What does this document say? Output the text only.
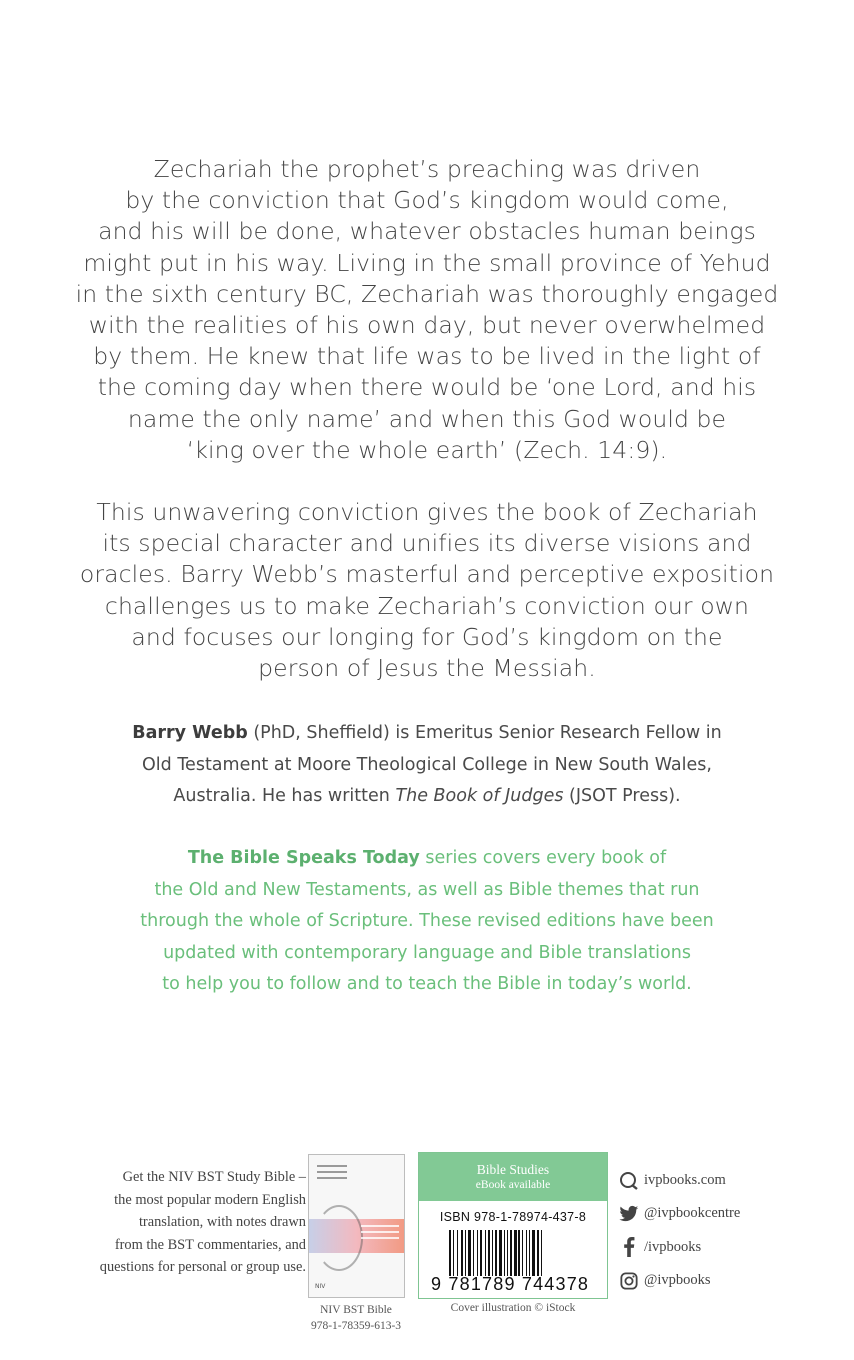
Zechariah the prophet’s preaching was driven

by the conviction that God’s kingdom would come,

and his will be done, whatever obstacles human beings

might put in his way. Living in the small province of Yehud

in the sixth century BC, Zechariah was thoroughly engaged

with the realities of his own day, but never overwhelmed

by them. He knew that life was to be lived in the light of

the coming day when there would be ‘one Lord, and his

name the only name’ and when this God would be

‘king over the whole earth’ (Zech. 14:9).

This unwavering conviction gives the book of Zechariah

its special character and unifies its diverse visions and

oracles. Barry Webb’s masterful and perceptive exposition

challenges us to make Zechariah’s conviction our own

and focuses our longing for God’s kingdom on the

person of Jesus the Messiah.

Barry Webb (PhD, Sheffield) is Emeritus Senior Research Fellow in
Old Testament at Moore Theological College in New South Wales,
Australia. He has written The Book of Judges (JSOT Press).
The Bible Speaks Today series covers every book of
the Old and New Testaments, as well as Bible themes that run
through the whole of Scripture. These revised editions have been
updated with contemporary language and Bible translations
to help you to follow and to teach the Bible in today’s world.
Get the NIV BST Study Bible –
the most popular modern English
translation, with notes drawn
from the BST commentaries, and
questions for personal or group use.
NIV
NIV BST Bible
978-1-78359-613-3
Bible Studies
eBook available
ISBN 978-1-78974-437-8
9 781789 744378
Cover illustration © iStock
ivpbooks.com
@ivpbookcentre
/ivpbooks
@ivpbooks
